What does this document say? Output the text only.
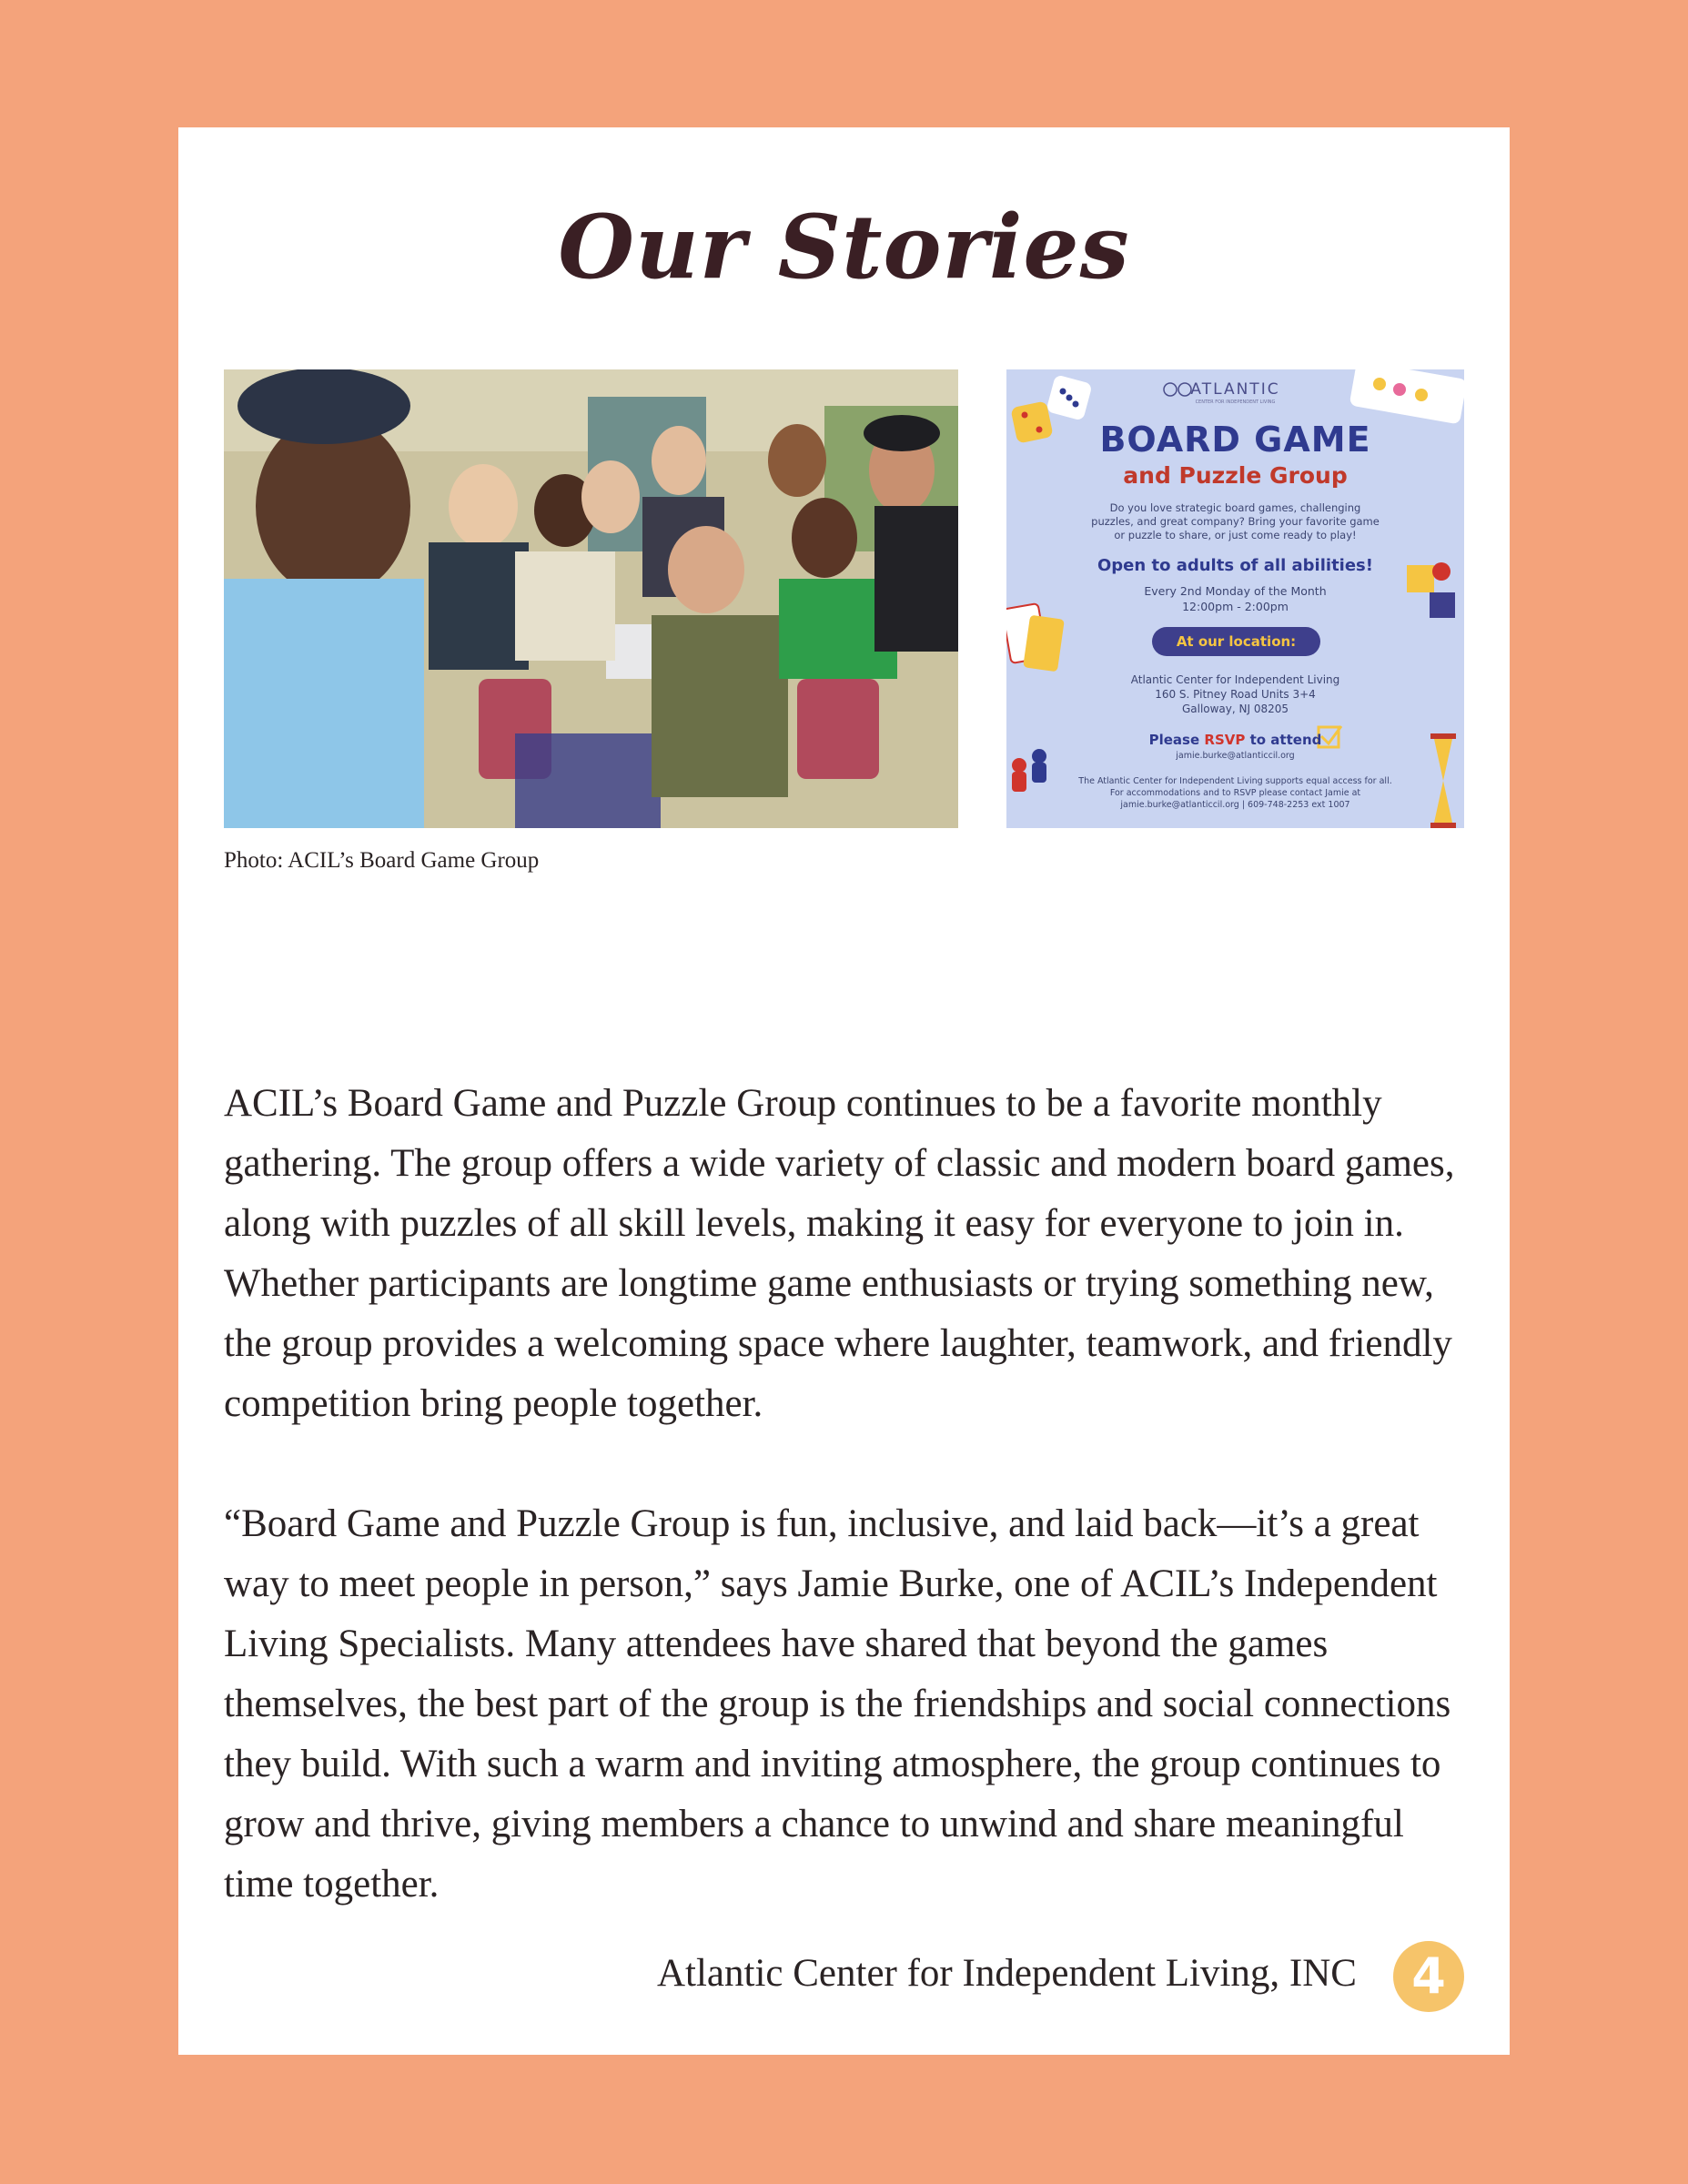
Our Stories
Photo: ACIL’s Board Game Group
ATLANTIC
CENTER FOR INDEPENDENT LIVING
BOARD GAME
and Puzzle Group
Do you love strategic board games, challenging puzzles, and great company? Bring your favorite game or puzzle to share, or just come ready to play!
Open to adults of all abilities!
Every 2nd Monday of the Month
12:00pm - 2:00pm
At our location:
Atlantic Center for Independent Living
160 S. Pitney Road Units 3+4
Galloway, NJ 08205
Please RSVP to attend
jamie.burke@atlanticcil.org
The Atlantic Center for Independent Living supports equal access for all.
For accommodations and to RSVP please contact Jamie at
jamie.burke@atlanticcil.org | 609-748-2253 ext 1007

ACIL’s Board Game and Puzzle Group continues to be a favorite monthly gathering. The group offers a wide variety of classic and modern board games, along with puzzles of all skill levels, making it easy for everyone to join in. Whether participants are longtime game enthusiasts or trying something new, the group provides a welcoming space where laughter, teamwork, and friendly competition bring people together.

“Board Game and Puzzle Group is fun, inclusive, and laid back—it’s a great way to meet people in person,” says Jamie Burke, one of ACIL’s Independent Living Specialists. Many attendees have shared that beyond the games themselves, the best part of the group is the friendships and social connections they build. With such a warm and inviting atmosphere, the group continues to grow and thrive, giving members a chance to unwind and share meaningful time together.

Atlantic Center for Independent Living, INC	4
